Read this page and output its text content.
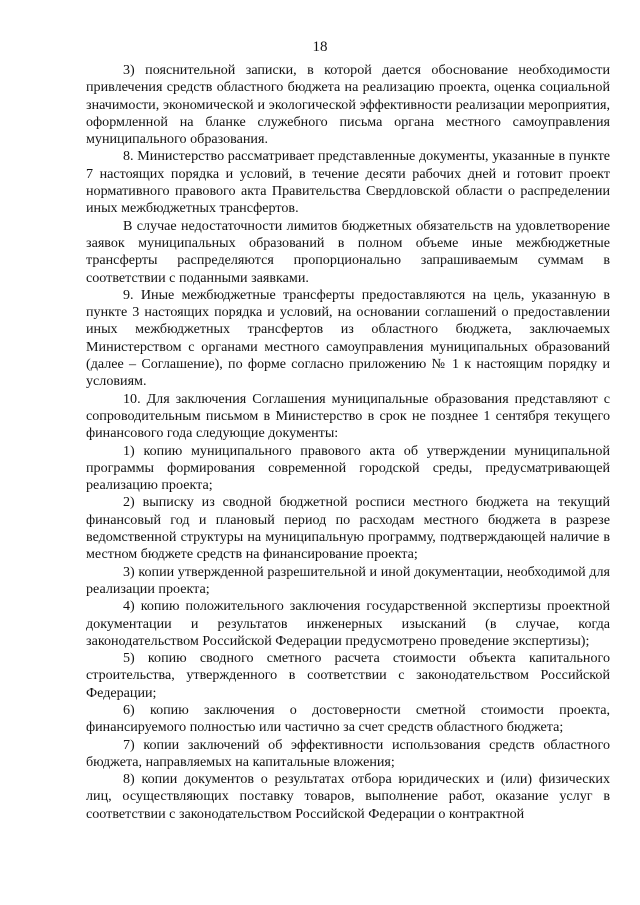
18

3) пояснительной записки, в которой дается обоснование необходимости привлечения средств областного бюджета на реализацию проекта, оценка социальной значимости, экономической и экологической эффективности реализации мероприятия, оформленной на бланке служебного письма органа местного самоуправления муниципального образования.

8. Министерство рассматривает представленные документы, указанные в пункте 7 настоящих порядка и условий, в течение десяти рабочих дней и готовит проект нормативного правового акта Правительства Свердловской области о распределении иных межбюджетных трансфертов.

В случае недостаточности лимитов бюджетных обязательств на удовлетворение заявок муниципальных образований в полном объеме иные межбюджетные трансферты распределяются пропорционально запрашиваемым суммам в соответствии с поданными заявками.

9. Иные межбюджетные трансферты предоставляются на цель, указанную в пункте 3 настоящих порядка и условий, на основании соглашений о предоставлении иных межбюджетных трансфертов из областного бюджета, заключаемых Министерством с органами местного самоуправления муниципальных образований (далее – Соглашение), по форме согласно приложению № 1 к настоящим порядку и условиям.

10. Для заключения Соглашения муниципальные образования представляют с сопроводительным письмом в Министерство в срок не позднее 1 сентября текущего финансового года следующие документы:

1) копию муниципального правового акта об утверждении муниципальной программы формирования современной городской среды, предусматривающей реализацию проекта;

2) выписку из сводной бюджетной росписи местного бюджета на текущий финансовый год и плановый период по расходам местного бюджета в разрезе ведомственной структуры на муниципальную программу, подтверждающей наличие в местном бюджете средств на финансирование проекта;

3) копии утвержденной разрешительной и иной документации, необходимой для реализации проекта;

4) копию положительного заключения государственной экспертизы проектной документации и результатов инженерных изысканий (в случае, когда законодательством Российской Федерации предусмотрено проведение экспертизы);

5) копию сводного сметного расчета стоимости объекта капитального строительства, утвержденного в соответствии с законодательством Российской Федерации;

6) копию заключения о достоверности сметной стоимости проекта, финансируемого полностью или частично за счет средств областного бюджета;

7) копии заключений об эффективности использования средств областного бюджета, направляемых на капитальные вложения;

8) копии документов о результатах отбора юридических и (или) физических лиц, осуществляющих поставку товаров, выполнение работ, оказание услуг в соответствии с законодательством Российской Федерации о контрактной
